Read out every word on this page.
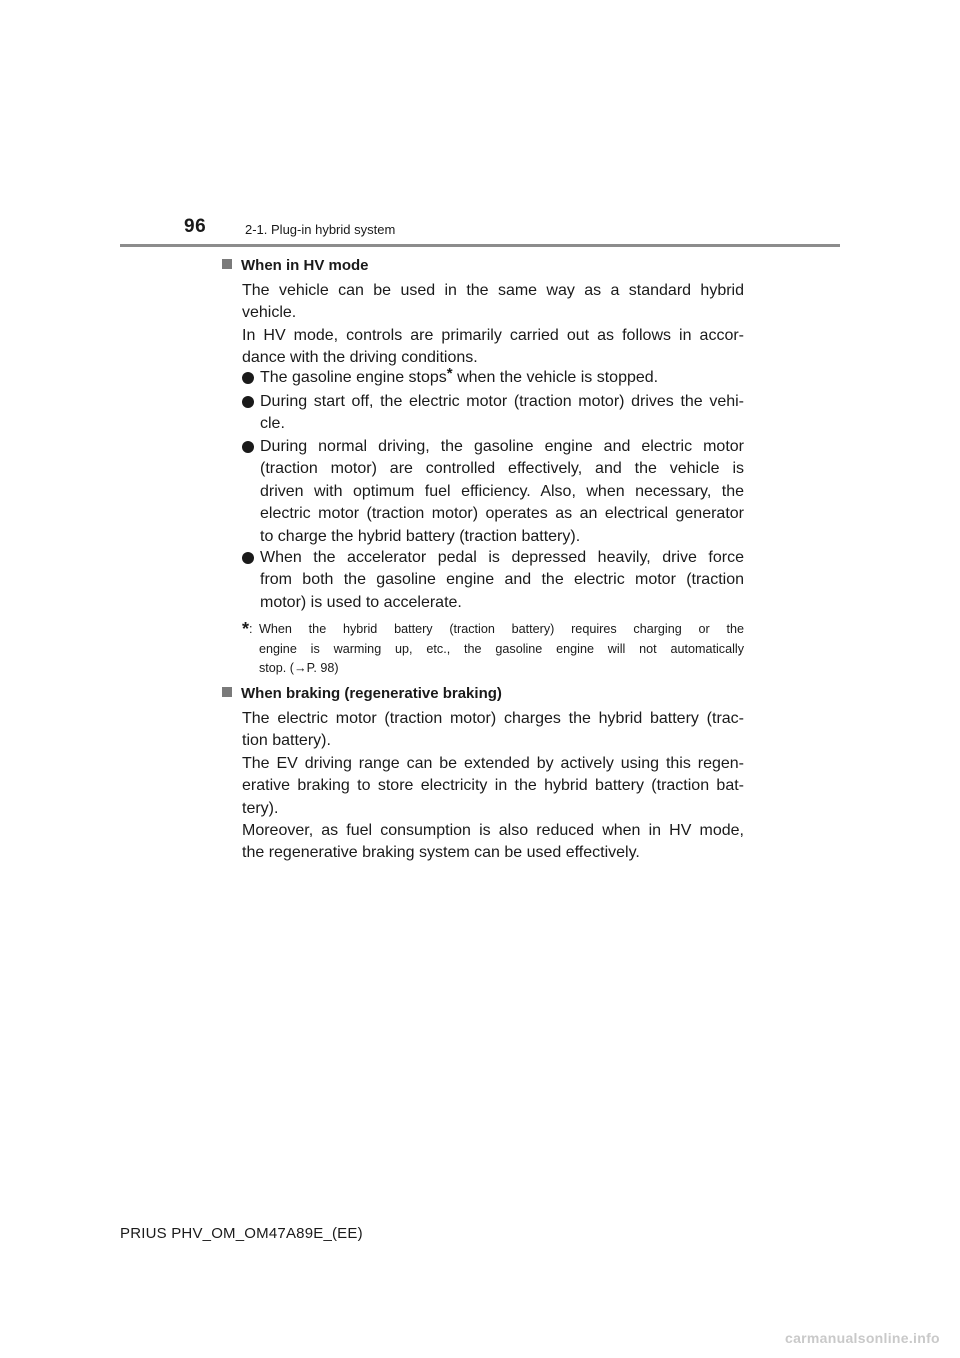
96	2-1. Plug-in hybrid system
When in HV mode
The vehicle can be used in the same way as a standard hybrid
vehicle.
In HV mode, controls are primarily carried out as follows in accor-
dance with the driving conditions.
The gasoline engine stops* when the vehicle is stopped.
During start off, the electric motor (traction motor) drives the vehi-
cle.
During normal driving, the gasoline engine and electric motor
(traction motor) are controlled effectively, and the vehicle is
driven with optimum fuel efficiency. Also, when necessary, the
electric motor (traction motor) operates as an electrical generator
to charge the hybrid battery (traction battery).
When the accelerator pedal is depressed heavily, drive force
from both the gasoline engine and the electric motor (traction
motor) is used to accelerate.
*: When the hybrid battery (traction battery) requires charging or the
engine is warming up, etc., the gasoline engine will not automatically
stop. (→P. 98)
When braking (regenerative braking)
The electric motor (traction motor) charges the hybrid battery (trac-
tion battery).
The EV driving range can be extended by actively using this regen-
erative braking to store electricity in the hybrid battery (traction bat-
tery).
Moreover, as fuel consumption is also reduced when in HV mode,
the regenerative braking system can be used effectively.
PRIUS PHV_OM_OM47A89E_(EE)
carmanualsonline.info
